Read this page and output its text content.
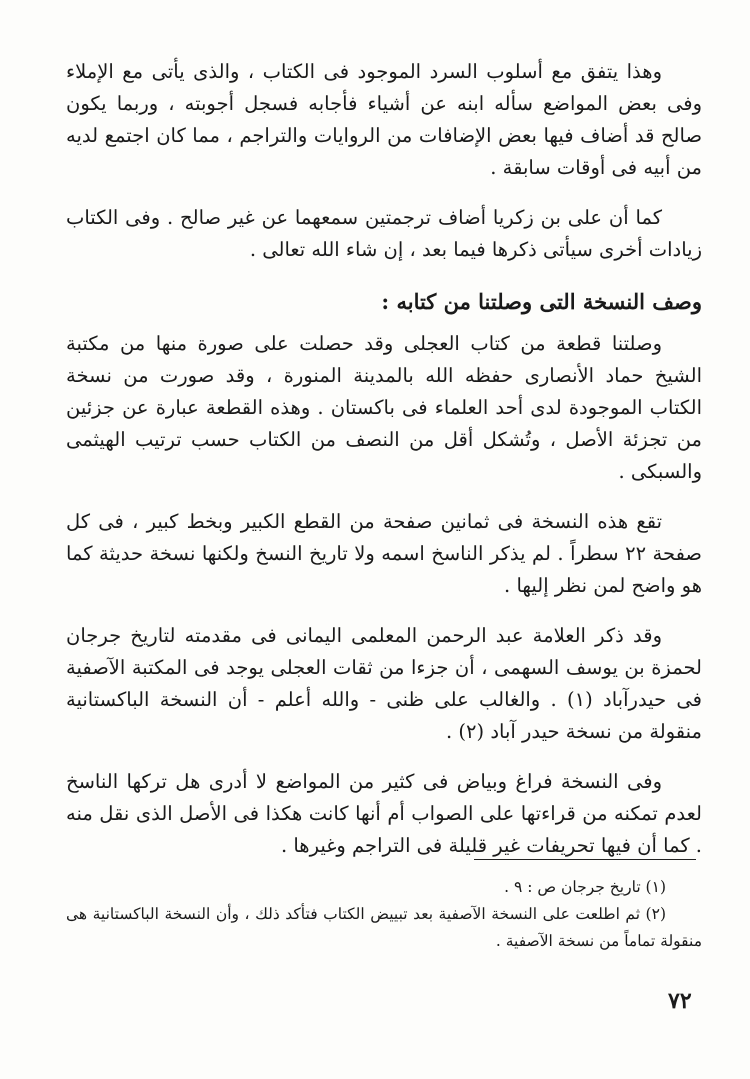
وهذا يتفق مع أسلوب السرد الموجود فى الكتاب ، والذى يأتى مع الإملاء وفى بعض المواضع سأله ابنه عن أشياء فأجابه فسجل أجوبته ، وربما يكون صالح قد أضاف فيها بعض الإضافات من الروايات والتراجم ، مما كان اجتمع لديه من أبيه فى أوقات سابقة .

كما أن على بن زكريا أضاف ترجمتين سمعهما عن غير صالح . وفى الكتاب زيادات أخرى سيأتى ذكرها فيما بعد ، إن شاء الله تعالى .

وصف النسخة التى وصلتنا من كتابه :

وصلتنا قطعة من كتاب العجلى وقد حصلت على صورة منها من مكتبة الشيخ حماد الأنصارى حفظه الله بالمدينة المنورة ، وقد صورت من نسخة الكتاب الموجودة لدى أحد العلماء فى باكستان . وهذه القطعة عبارة عن جزئين من تجزئة الأصل ، وتُشكل أقل من النصف من الكتاب حسب ترتيب الهيثمى والسبكى .

تقع هذه النسخة فى ثمانين صفحة من القطع الكبير وبخط كبير ، فى كل صفحة ٢٢ سطراً . لم يذكر الناسخ اسمه ولا تاريخ النسخ ولكنها نسخة حديثة كما هو واضح لمن نظر إليها .

وقد ذكر العلامة عبد الرحمن المعلمى اليمانى فى مقدمته لتاريخ جرجان لحمزة بن يوسف السهمى ، أن جزءا من ثقات العجلى يوجد فى المكتبة الآصفية فى حيدرآباد (١) . والغالب على ظنى - والله أعلم - أن النسخة الباكستانية منقولة من نسخة حيدر آباد (٢) .

وفى النسخة فراغ وبياض فى كثير من المواضع لا أدرى هل تركها الناسخ لعدم تمكنه من قراءتها على الصواب أم أنها كانت هكذا فى الأصل الذى نقل منه . كما أن فيها تحريفات غير قليلة فى التراجم وغيرها .

(١) تاريخ جرجان ص : ٩ .

(٢) ثم اطلعت على النسخة الآصفية بعد تبييض الكتاب فتأكد ذلك ، وأن النسخة الباكستانية هى منقولة تماماً من نسخة الآصفية .

٧٢
